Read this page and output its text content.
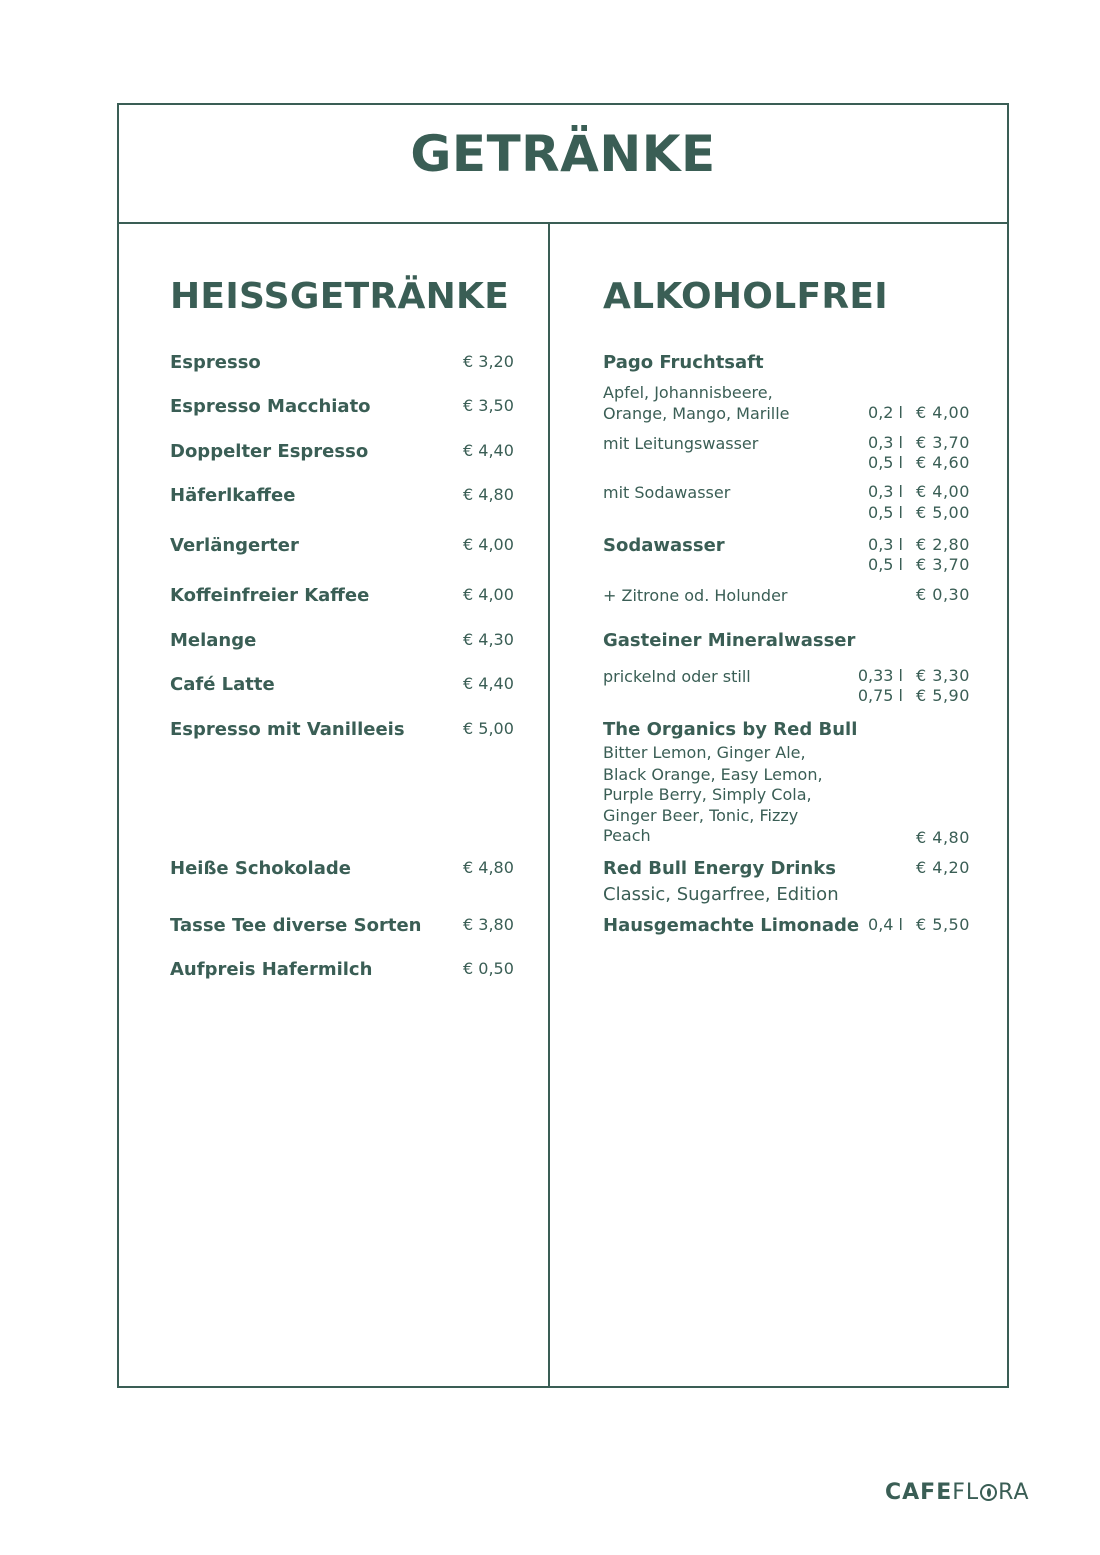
GETRÄNKE
HEISSGETRÄNKE
Espresso	€ 3,20
Espresso Macchiato	€ 3,50
Doppelter Espresso	€ 4,40
Häferlkaffee	€ 4,80
Verlängerter	€ 4,00
Koffeinfreier Kaffee	€ 4,00
Melange	€ 4,30
Café Latte	€ 4,40
Espresso mit Vanilleeis	€ 5,00
Heiße Schokolade	€ 4,80
Tasse Tee diverse Sorten	€ 3,80
Aufpreis Hafermilch	€ 0,50
ALKOHOLFREI
Pago Fruchtsaft
Apfel, Johannisbeere,
Orange, Mango, Marille	0,2 l € 4,00
mit Leitungswasser	0,3 l € 3,70
0,5 l € 4,60
mit Sodawasser	0,3 l € 4,00
0,5 l € 5,00
Sodawasser	0,3 l € 2,80
0,5 l € 3,70
+ Zitrone od. Holunder	€ 0,30
Gasteiner Mineralwasser
prickelnd oder still	0,33 l € 3,30
0,75 l € 5,90
The Organics by Red Bull
Bitter Lemon, Ginger Ale,
Black Orange, Easy Lemon,
Purple Berry, Simply Cola,
Ginger Beer, Tonic, Fizzy
Peach	€ 4,80
Red Bull Energy Drinks	€ 4,20
Classic, Sugarfree, Edition
Hausgemachte Limonade 0,4 l € 5,50
CAFEFL RA
